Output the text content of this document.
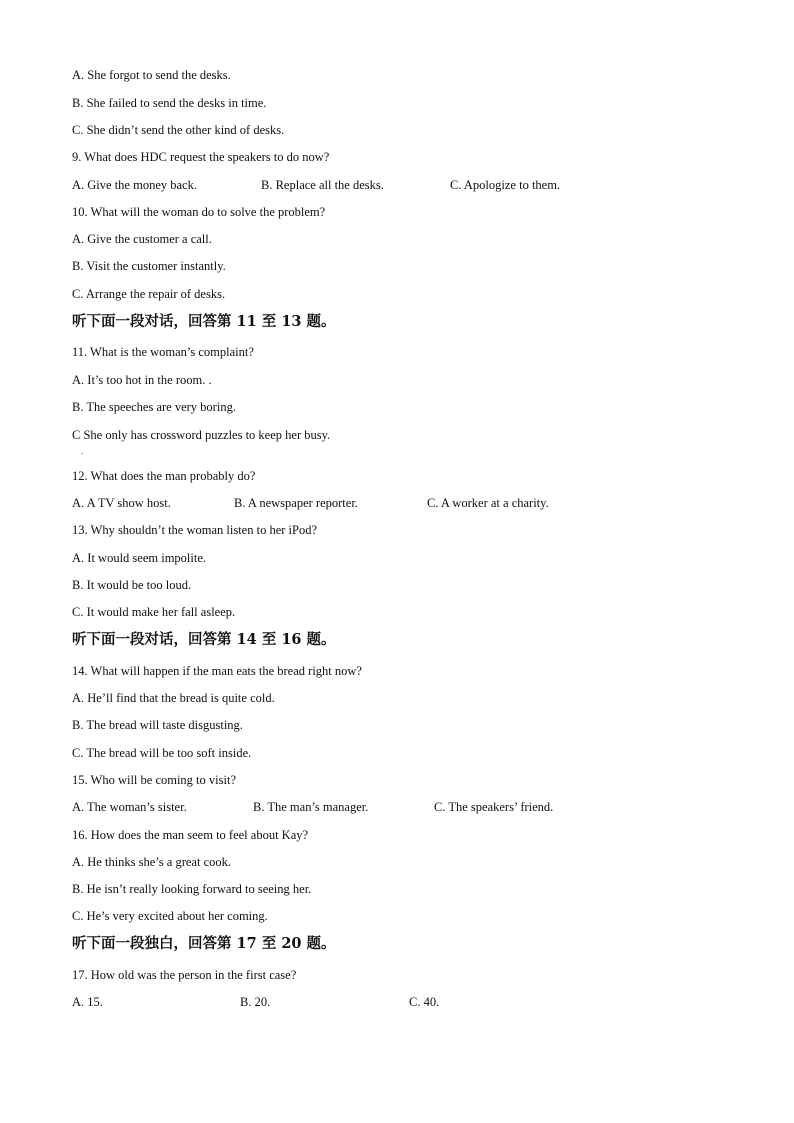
A. She forgot to send the desks.
B. She failed to send the desks in time.
C. She didn’t send the other kind of desks.
9. What does HDC request the speakers to do now?
A. Give the money back.	B. Replace all the desks.	C. Apologize to them.
10. What will the woman do to solve the problem?
A. Give the customer a call.
B. Visit the customer instantly.
C. Arrange the repair of desks.
听下面一段对话，回答第 11 至 13 题。
11. What is the woman’s complaint?
A. It’s too hot in the room. .
B. The speeches are very boring.
C She only has crossword puzzles to keep her busy.
.
12. What does the man probably do?
A. A TV show host.	B. A newspaper reporter.	C. A worker at a charity.
13. Why shouldn’t the woman listen to her iPod?
A. It would seem impolite.
B. It would be too loud.
C. It would make her fall asleep.
听下面一段对话，回答第 14 至 16 题。
14. What will happen if the man eats the bread right now?
A. He’ll find that the bread is quite cold.
B. The bread will taste disgusting.
C. The bread will be too soft inside.
15. Who will be coming to visit?
A. The woman’s sister.	B. The man’s manager.	C. The speakers’ friend.
16. How does the man seem to feel about Kay?
A. He thinks she’s a great cook.
B. He isn’t really looking forward to seeing her.
C. He’s very excited about her coming.
听下面一段独白，回答第 17 至 20 题。
17. How old was the person in the first case?
A. 15.	B. 20.	C. 40.
